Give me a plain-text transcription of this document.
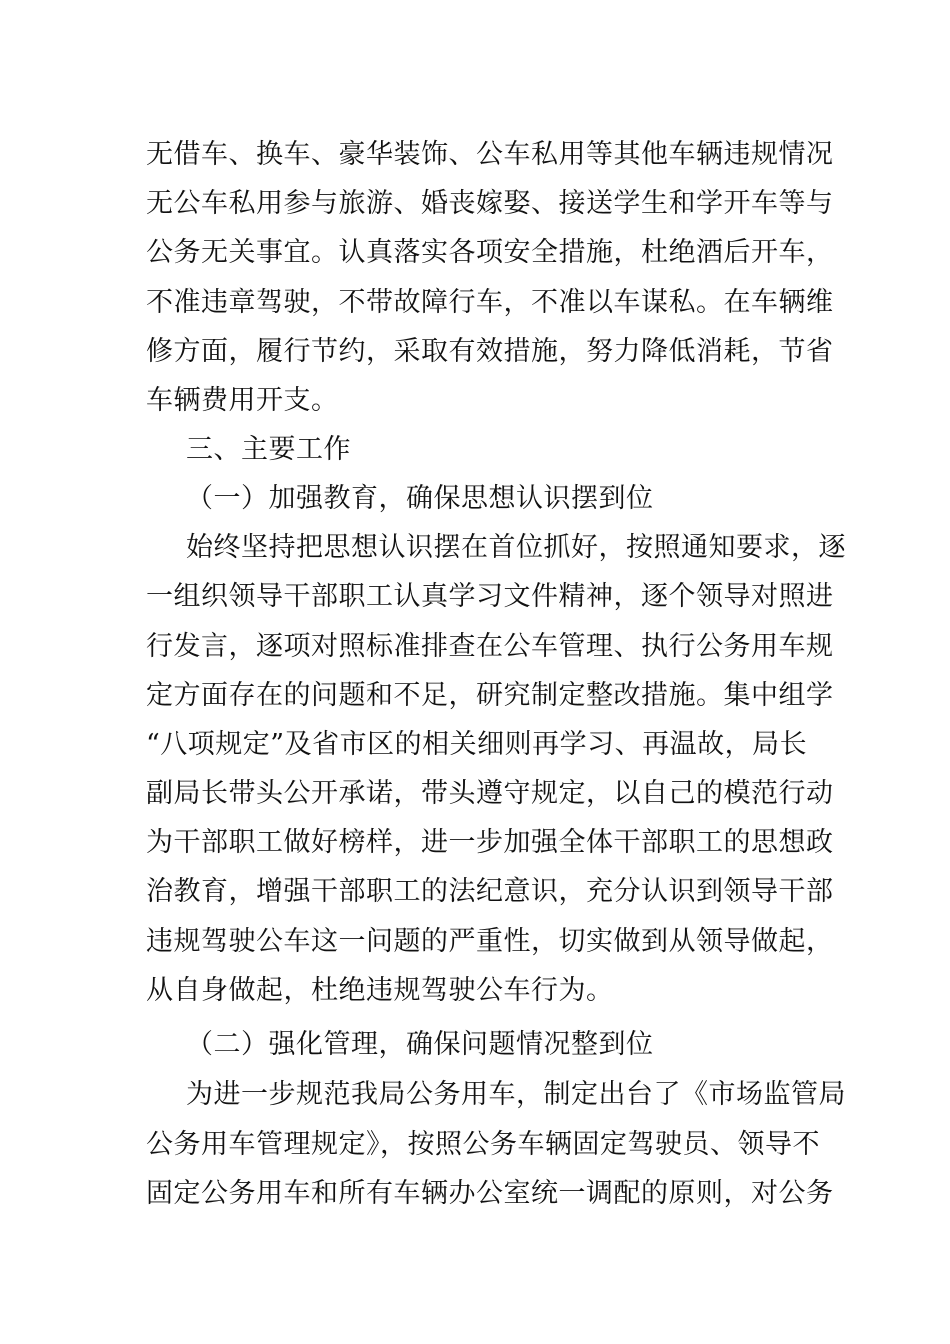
无借车、换车、豪华装饰、公车私用等其他车辆违规情况
无公车私用参与旅游、婚丧嫁娶、接送学生和学开车等与
公务无关事宜。认真落实各项安全措施，杜绝酒后开车，
不准违章驾驶，不带故障行车，不准以车谋私。在车辆维
修方面，履行节约，采取有效措施，努力降低消耗，节省
车辆费用开支。
三、主要工作
（一）加强教育，确保思想认识摆到位
始终坚持把思想认识摆在首位抓好，按照通知要求，逐
一组织领导干部职工认真学习文件精神，逐个领导对照进
行发言，逐项对照标准排查在公车管理、执行公务用车规
定方面存在的问题和不足，研究制定整改措施。集中组学
“八项规定”及省市区的相关细则再学习、再温故，局长
副局长带头公开承诺，带头遵守规定，以自己的模范行动
为干部职工做好榜样，进一步加强全体干部职工的思想政
治教育，增强干部职工的法纪意识，充分认识到领导干部
违规驾驶公车这一问题的严重性，切实做到从领导做起，
从自身做起，杜绝违规驾驶公车行为。
（二）强化管理，确保问题情况整到位
为进一步规范我局公务用车，制定出台了《市场监管局
公务用车管理规定》，按照公务车辆固定驾驶员、领导不
固定公务用车和所有车辆办公室统一调配的原则，对公务
